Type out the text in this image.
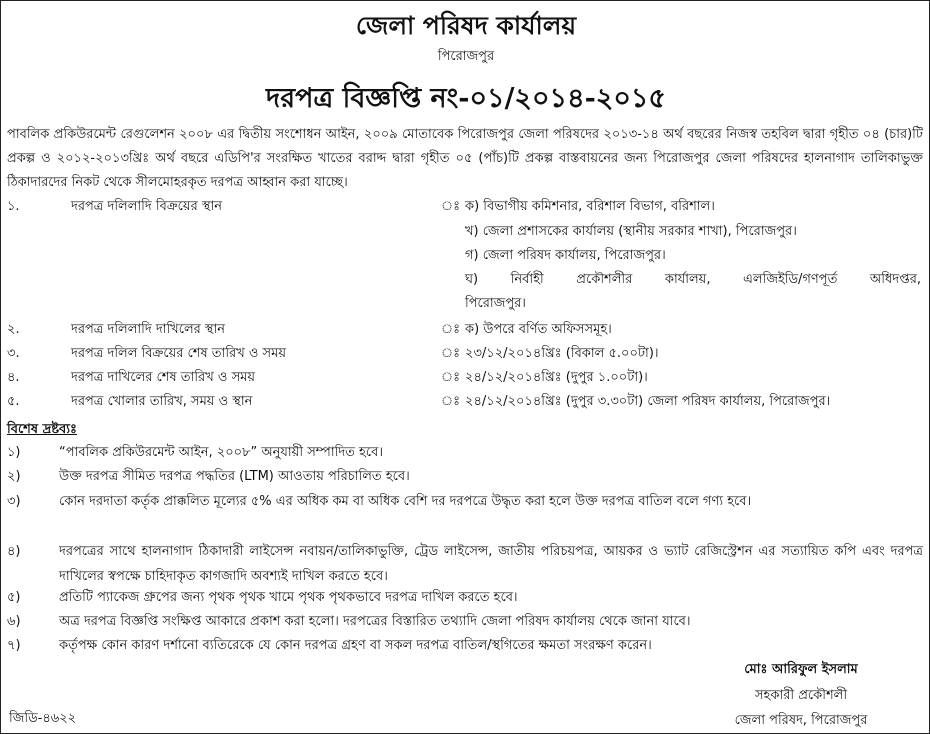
জেলা পরিষদ কার্যালয়
পিরোজপুর
দরপত্র বিজ্ঞপ্তি নং-০১/২০১৪-২০১৫
পাবলিক প্রকিউরমেন্ট রেগুলেশন ২০০৮ এর দ্বিতীয় সংশোধন আইন, ২০০৯ মোতাবেক পিরোজপুর জেলা পরিষদের ২০১৩-১৪ অর্থ বছরের নিজস্ব তহবিল দ্বারা গৃহীত ০৪ (চার)টি প্রকল্প ও ২০১২-২০১৩খ্রিঃ অর্থ বছরে এডিপি'র সংরক্ষিত খাতের বরাদ্দ দ্বারা গৃহীত ০৫ (পাঁচ)টি প্রকল্প বাস্তবায়নের জন্য পিরোজপুর জেলা পরিষদের হালনাগাদ তালিকাভুক্ত ঠিকাদারদের নিকট থেকে সীলমোহরকৃত দরপত্র আহ্বান করা যাচ্ছে।
১.	দরপত্র দলিলাদি বিক্রয়ের স্থান	ঃ ক) বিভাগীয় কমিশনার, বরিশাল বিভাগ, বরিশাল।
খ) জেলা প্রশাসকের কার্যালয় (স্থানীয় সরকার শাখা), পিরোজপুর।
গ) জেলা পরিষদ কার্যালয়, পিরোজপুর।
ঘ) নির্বাহী প্রকৌশলীর কার্যালয়, এলজিইডি/গণপূর্ত অধিদপ্তর,
পিরোজপুর।
২.	দরপত্র দলিলাদি দাখিলের স্থান	ঃ ক) উপরে বর্ণিত অফিসসমূহ।
৩.	দরপত্র দলিল বিক্রয়ের শেষ তারিখ ও সময়	ঃ ২৩/১২/২০১৪খ্রিঃ (বিকাল ৫.০০টা)।
৪.	দরপত্র দাখিলের শেষ তারিখ ও সময়	ঃ ২৪/১২/২০১৪খ্রিঃ (দুপুর ১.০০টা)।
৫.	দরপত্র খোলার তারিখ, সময় ও স্থান	ঃ ২৪/১২/২০১৪খ্রিঃ (দুপুর ৩.৩০টা) জেলা পরিষদ কার্যালয়, পিরোজপুর।
বিশেষ দ্রষ্টব্যঃ
১)	“পাবলিক প্রকিউরমেন্ট আইন, ২০০৮” অনুযায়ী সম্পাদিত হবে।
২)	উক্ত দরপত্র সীমিত দরপত্র পদ্ধতির (LTM) আওতায় পরিচালিত হবে।
৩)	কোন দরদাতা কর্তৃক প্রাক্কলিত মূল্যের ৫% এর অধিক কম বা অধিক বেশি দর দরপত্রে উদ্ধৃত করা হলে উক্ত দরপত্র বাতিল বলে গণ্য হবে।
৪)	দরপত্রের সাথে হালনাগাদ ঠিকাদারী লাইসেন্স নবায়ন/তালিকাভুক্তি, ট্রেড লাইসেন্স, জাতীয় পরিচয়পত্র, আয়কর ও ভ্যাট রেজিস্ট্রেশন এর সত্যায়িত কপি এবং দরপত্র দাখিলের স্বপক্ষে চাহিদাকৃত কাগজাদি অবশ্যই দাখিল করতে হবে।
৫)	প্রতিটি প্যাকেজ গ্রুপের জন্য পৃথক পৃথক খামে পৃথক পৃথকভাবে দরপত্র দাখিল করতে হবে।
৬)	অত্র দরপত্র বিজ্ঞপ্তি সংক্ষিপ্ত আকারে প্রকাশ করা হলো। দরপত্রের বিস্তারিত তথ্যাদি জেলা পরিষদ কার্যালয় থেকে জানা যাবে।
৭)	কর্তৃপক্ষ কোন কারণ দর্শানো ব্যতিরেকে যে কোন দরপত্র গ্রহণ বা সকল দরপত্র বাতিল/স্থগিতের ক্ষমতা সংরক্ষণ করেন।
মোঃ আরিফুল ইসলাম
সহকারী প্রকৌশলী
জেলা পরিষদ, পিরোজপুর
জিডি-৪৬২২
